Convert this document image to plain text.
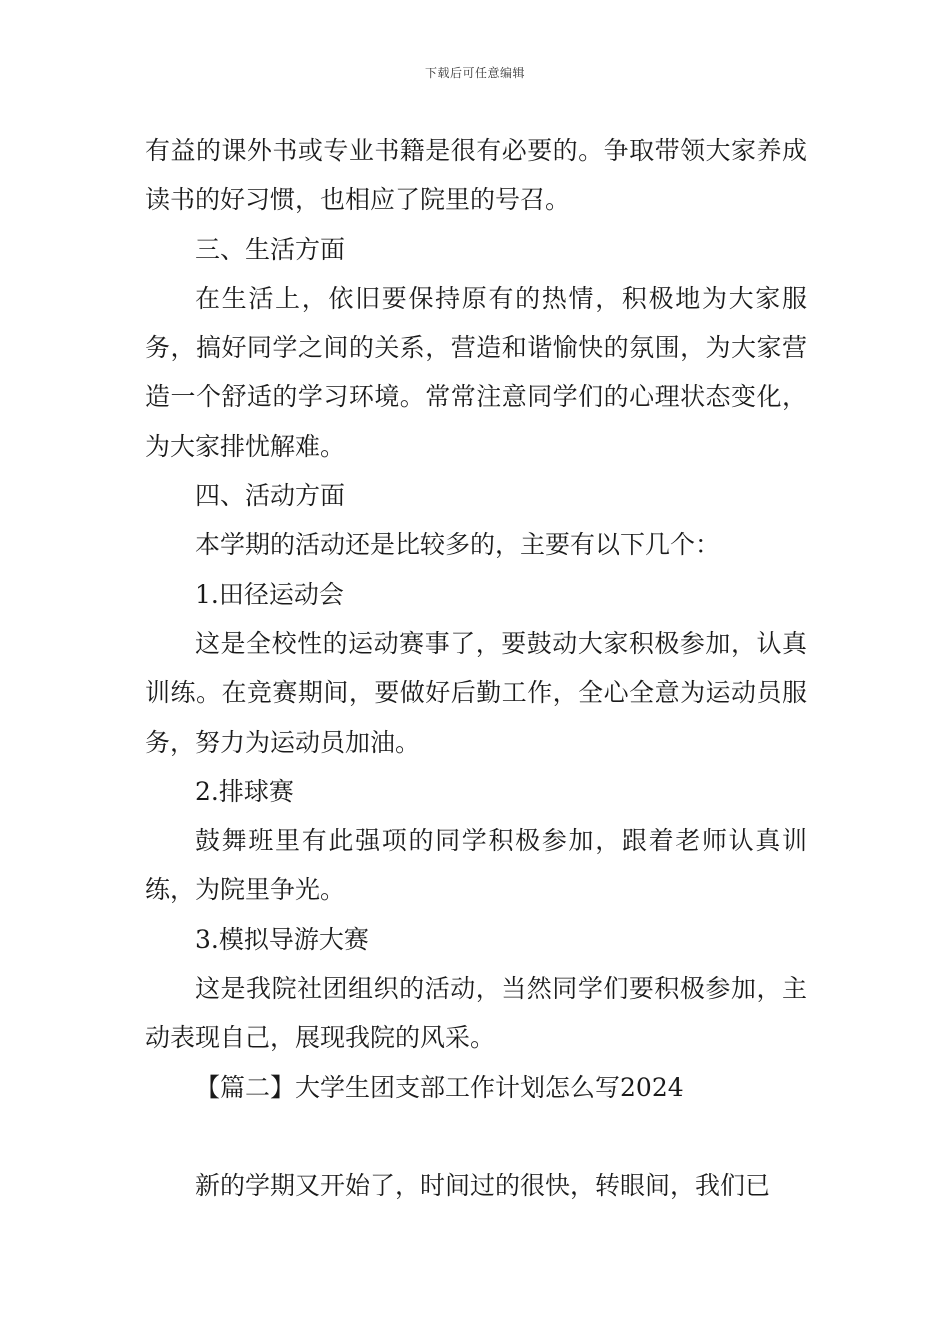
下载后可任意编辑

有益的课外书或专业书籍是很有必要的。争取带领大家养成读书的好习惯，也相应了院里的号召。

三、生活方面

在生活上，依旧要保持原有的热情，积极地为大家服务，搞好同学之间的关系，营造和谐愉快的氛围，为大家营造一个舒适的学习环境。常常注意同学们的心理状态变化，为大家排忧解难。

四、活动方面

本学期的活动还是比较多的，主要有以下几个：

1.田径运动会

这是全校性的运动赛事了，要鼓动大家积极参加，认真训练。在竞赛期间，要做好后勤工作，全心全意为运动员服务，努力为运动员加油。

2.排球赛

鼓舞班里有此强项的同学积极参加，跟着老师认真训练，为院里争光。

3.模拟导游大赛

这是我院社团组织的活动，当然同学们要积极参加，主动表现自己，展现我院的风采。

【篇二】大学生团支部工作计划怎么写2024

新的学期又开始了，时间过的很快，转眼间，我们已
